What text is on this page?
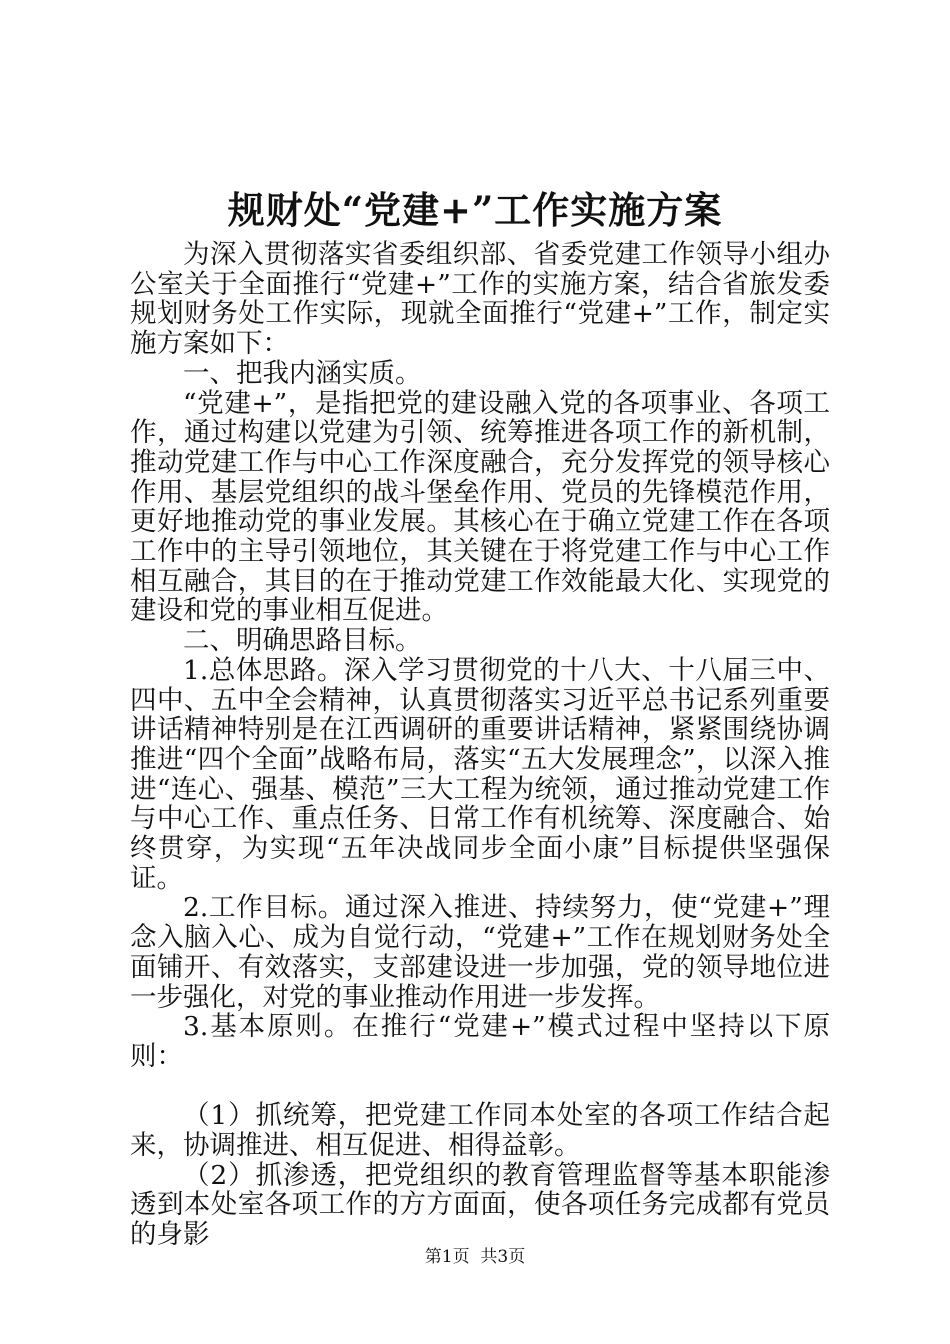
规财处“党建+”工作实施方案

为深入贯彻落实省委组织部、省委党建工作领导小组办公室关于全面推行“党建+”工作的实施方案，结合省旅发委规划财务处工作实际，现就全面推行“党建+”工作，制定实施方案如下：

一、把我内涵实质。

“党建+”，是指把党的建设融入党的各项事业、各项工作，通过构建以党建为引领、统筹推进各项工作的新机制，推动党建工作与中心工作深度融合，充分发挥党的领导核心作用、基层党组织的战斗堡垒作用、党员的先锋模范作用，更好地推动党的事业发展。其核心在于确立党建工作在各项工作中的主导引领地位，其关键在于将党建工作与中心工作相互融合，其目的在于推动党建工作效能最大化、实现党的建设和党的事业相互促进。

二、明确思路目标。

1.总体思路。深入学习贯彻党的十八大、十八届三中、四中、五中全会精神，认真贯彻落实习近平总书记系列重要讲话精神特别是在江西调研的重要讲话精神，紧紧围绕协调推进“四个全面”战略布局，落实“五大发展理念”，以深入推进“连心、强基、模范”三大工程为统领，通过推动党建工作与中心工作、重点任务、日常工作有机统筹、深度融合、始终贯穿，为实现“五年决战同步全面小康”目标提供坚强保证。

2.工作目标。通过深入推进、持续努力，使“党建+”理念入脑入心、成为自觉行动，“党建+”工作在规划财务处全面铺开、有效落实，支部建设进一步加强，党的领导地位进一步强化，对党的事业推动作用进一步发挥。

3.基本原则。在推行“党建+”模式过程中坚持以下原则：

（1）抓统筹，把党建工作同本处室的各项工作结合起来，协调推进、相互促进、相得益彰。

（2）抓渗透，把党组织的教育管理监督等基本职能渗透到本处室各项工作的方方面面，使各项任务完成都有党员的身影

第1页 共3页
